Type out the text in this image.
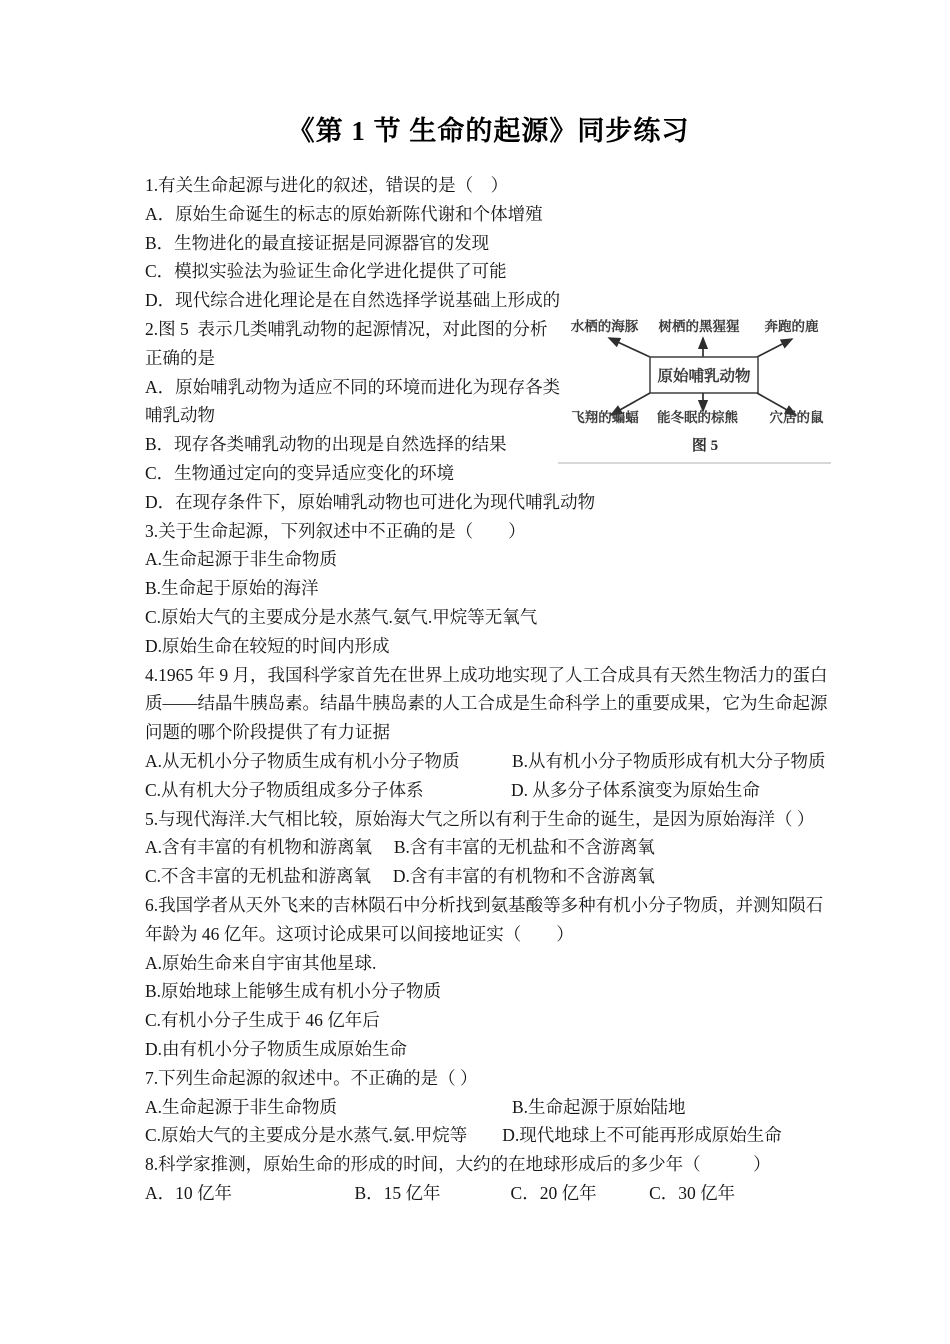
《第 1 节 生命的起源》同步练习
1.有关生命起源与进化的叙述，错误的是（　）
A．原始生命诞生的标志的原始新陈代谢和个体增殖
B．生物进化的最直接证据是同源器官的发现
C．模拟实验法为验证生命化学进化提供了可能
D．现代综合进化理论是在自然选择学说基础上形成的
2.图 5  表示几类哺乳动物的起源情况，对此图的分析
正确的是
A．原始哺乳动物为适应不同的环境而进化为现存各类
哺乳动物
B．现存各类哺乳动物的出现是自然选择的结果
C．生物通过定向的变异适应变化的环境
D．在现存条件下，原始哺乳动物也可进化为现代哺乳动物
3.关于生命起源，下列叙述中不正确的是（　　）
A.生命起源于非生命物质
B.生命起于原始的海洋
C.原始大气的主要成分是水蒸气.氨气.甲烷等无氧气
D.原始生命在较短的时间内形成
4.1965 年 9 月，我国科学家首先在世界上成功地实现了人工合成具有天然生物活力的蛋白
质——结晶牛胰岛素。结晶牛胰岛素的人工合成是生命科学上的重要成果，它为生命起源
问题的哪个阶段提供了有力证据
A.从无机小分子物质生成有机小分子物质　　　B.从有机小分子物质形成有机大分子物质
C.从有机大分子物质组成多分子体系　　　　　D. 从多分子体系演变为原始生命
5.与现代海洋.大气相比较，原始海大气之所以有利于生命的诞生，是因为原始海洋（ ）
A.含有丰富的有机物和游离氧　 B.含有丰富的无机盐和不含游离氧
C.不含丰富的无机盐和游离氧　 D.含有丰富的有机物和不含游离氧
6.我国学者从天外飞来的吉林陨石中分析找到氨基酸等多种有机小分子物质，并测知陨石
年龄为 46 亿年。这项讨论成果可以间接地证实（　　）
A.原始生命来自宇宙其他星球.
B.原始地球上能够生成有机小分子物质
C.有机小分子生成于 46 亿年后
D.由有机小分子物质生成原始生命
7.下列生命起源的叙述中。不正确的是（ ）
A.生命起源于非生命物质　　　　　　　　　　B.生命起源于原始陆地
C.原始大气的主要成分是水蒸气.氨.甲烷等　　D.现代地球上不可能再形成原始生命
8.科学家推测，原始生命的形成的时间，大约的在地球形成后的多少年（　　　）
A．10 亿年　　　　　　　B．15 亿年　　　　C．20 亿年　　　C．30 亿年
水栖的海豚 树栖的黑猩猩 奔跑的鹿
原始哺乳动物
飞翔的蝙蝠 能冬眠的棕熊 穴居的鼠
图 5
